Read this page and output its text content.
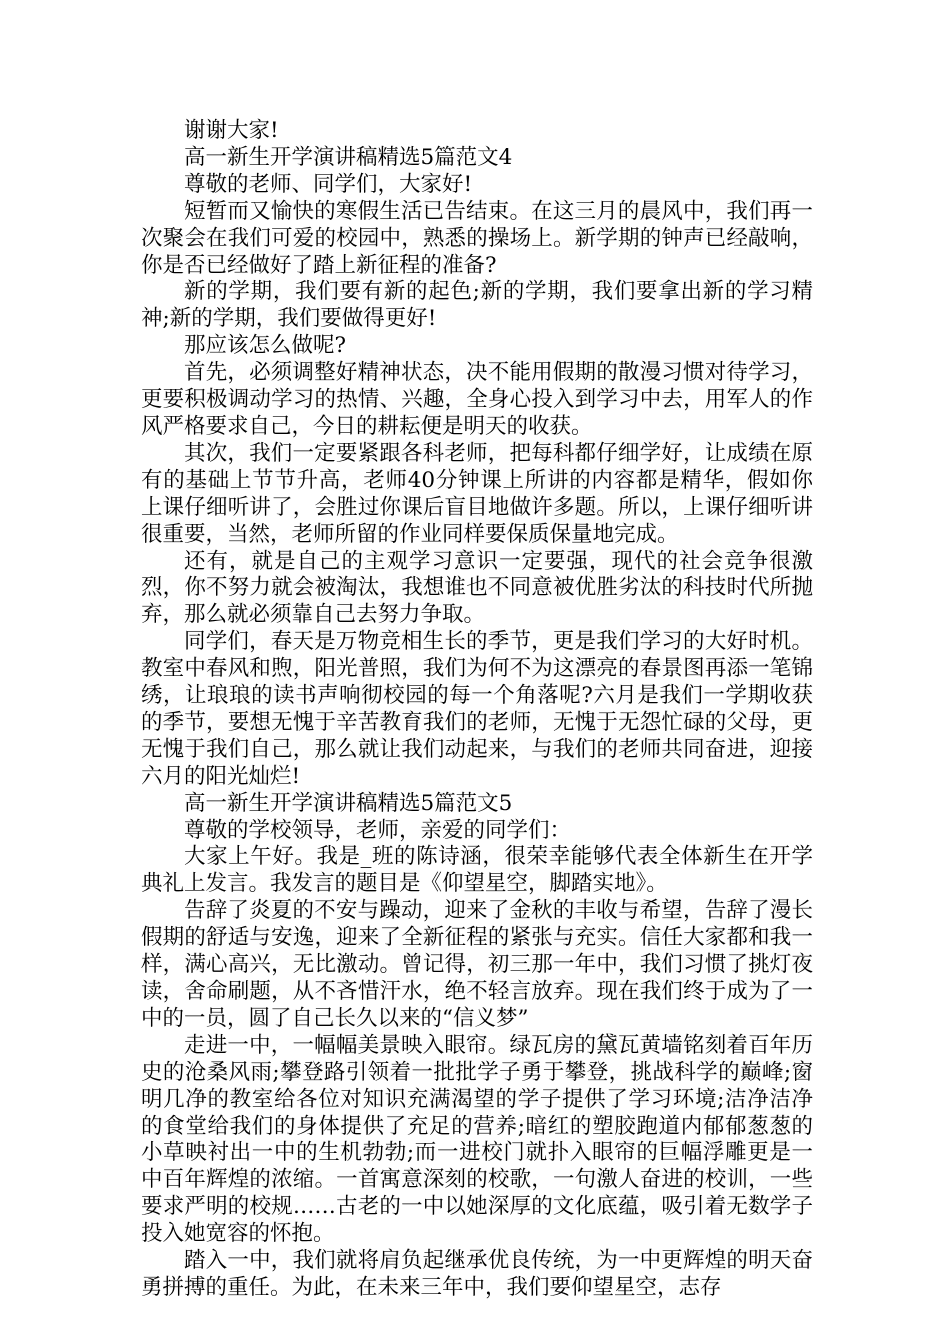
谢谢大家!

高一新生开学演讲稿精选5篇范文4

尊敬的老师、同学们，大家好!

短暂而又愉快的寒假生活已告结束。在这三月的晨风中，我们再一次聚会在我们可爱的校园中，熟悉的操场上。新学期的钟声已经敲响，你是否已经做好了踏上新征程的准备?

新的学期，我们要有新的起色;新的学期，我们要拿出新的学习精神;新的学期，我们要做得更好!

那应该怎么做呢?

首先，必须调整好精神状态，决不能用假期的散漫习惯对待学习，更要积极调动学习的热情、兴趣，全身心投入到学习中去，用军人的作风严格要求自己，今日的耕耘便是明天的收获。

其次，我们一定要紧跟各科老师，把每科都仔细学好，让成绩在原有的基础上节节升高，老师40分钟课上所讲的内容都是精华，假如你上课仔细听讲了，会胜过你课后盲目地做许多题。所以，上课仔细听讲很重要，当然，老师所留的作业同样要保质保量地完成。

还有，就是自己的主观学习意识一定要强，现代的社会竞争很激烈，你不努力就会被淘汰，我想谁也不同意被优胜劣汰的科技时代所抛弃，那么就必须靠自己去努力争取。

同学们，春天是万物竞相生长的季节，更是我们学习的大好时机。教室中春风和煦，阳光普照，我们为何不为这漂亮的春景图再添一笔锦绣，让琅琅的读书声响彻校园的每一个角落呢?六月是我们一学期收获的季节，要想无愧于辛苦教育我们的老师，无愧于无怨忙碌的父母，更无愧于我们自己，那么就让我们动起来，与我们的老师共同奋进，迎接六月的阳光灿烂!

高一新生开学演讲稿精选5篇范文5

尊敬的学校领导，老师，亲爱的同学们：

大家上午好。我是_班的陈诗涵，很荣幸能够代表全体新生在开学典礼上发言。我发言的题目是《仰望星空，脚踏实地》。

告辞了炎夏的不安与躁动，迎来了金秋的丰收与希望，告辞了漫长假期的舒适与安逸，迎来了全新征程的紧张与充实。信任大家都和我一样，满心高兴，无比激动。曾记得，初三那一年中，我们习惯了挑灯夜读，舍命刷题，从不吝惜汗水，绝不轻言放弃。现在我们终于成为了一中的一员，圆了自己长久以来的“信义梦”

走进一中，一幅幅美景映入眼帘。绿瓦房的黛瓦黄墙铭刻着百年历史的沧桑风雨;攀登路引领着一批批学子勇于攀登，挑战科学的巅峰;窗明几净的教室给各位对知识充满渴望的学子提供了学习环境;洁净洁净的食堂给我们的身体提供了充足的营养;暗红的塑胶跑道内郁郁葱葱的小草映衬出一中的生机勃勃;而一进校门就扑入眼帘的巨幅浮雕更是一中百年辉煌的浓缩。一首寓意深刻的校歌，一句激人奋进的校训，一些要求严明的校规……古老的一中以她深厚的文化底蕴，吸引着无数学子投入她宽容的怀抱。

踏入一中，我们就将肩负起继承优良传统，为一中更辉煌的明天奋勇拼搏的重任。为此，在未来三年中，我们要仰望星空，志存
